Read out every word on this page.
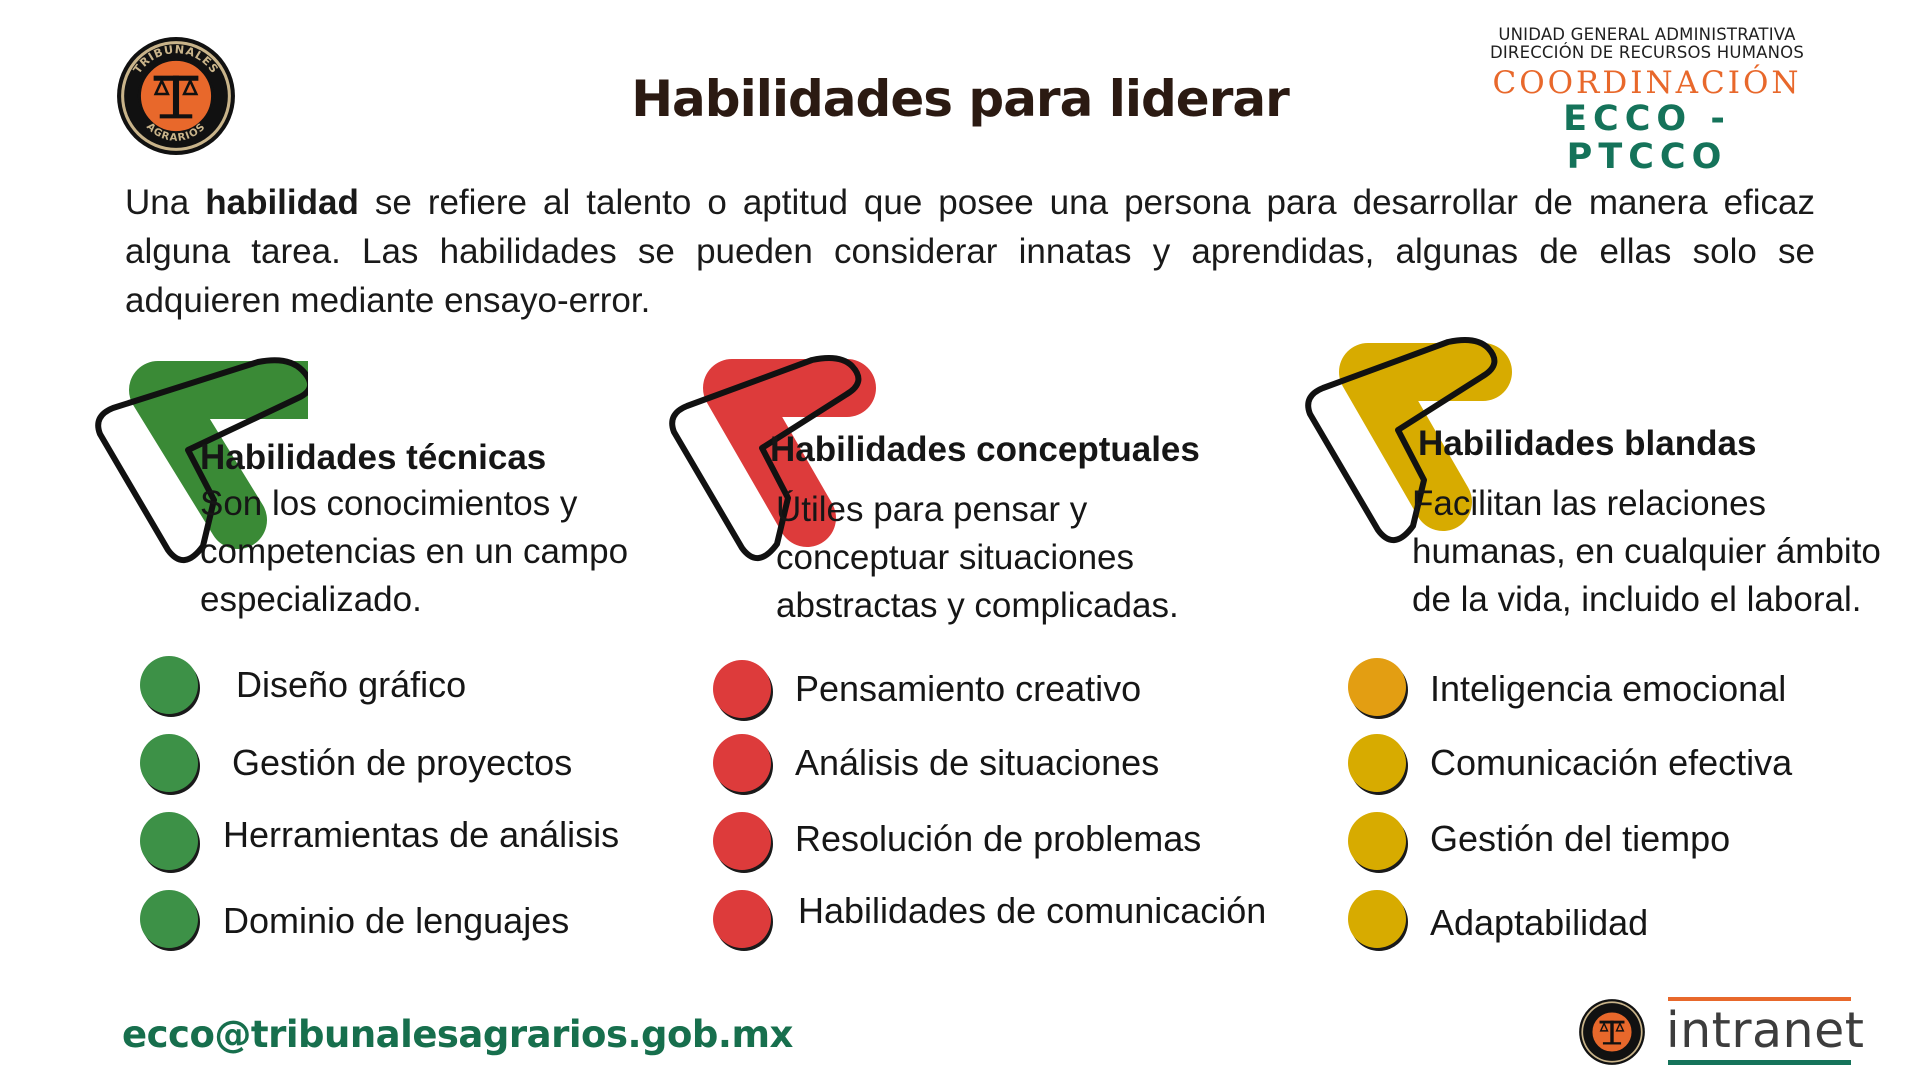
TRIBUNALES
AGRARIOS
Habilidades para liderar
UNIDAD GENERAL ADMINISTRATIVA
DIRECCIÓN DE RECURSOS HUMANOS
COORDINACIÓN
ECCO - PTCCO
Una habilidad se refiere al talento o aptitud que posee una persona para desarrollar de manera eficaz alguna tarea. Las habilidades se pueden considerar innatas y aprendidas, algunas de ellas solo se adquieren mediante ensayo-error.
Habilidades técnicas
Son los conocimientos y competencias en un campo especializado.
Diseño gráfico
Gestión de proyectos
Herramientas de análisis
Dominio de lenguajes
Habilidades conceptuales
Útiles para pensar y conceptuar situaciones abstractas y complicadas.
Pensamiento creativo
Análisis de situaciones
Resolución de problemas
Habilidades de comunicación
Habilidades blandas
Facilitan las relaciones humanas, en cualquier ámbito de la vida, incluido el laboral.
Inteligencia emocional
Comunicación efectiva
Gestión del tiempo
Adaptabilidad
ecco@tribunalesagrarios.gob.mx	intranet
